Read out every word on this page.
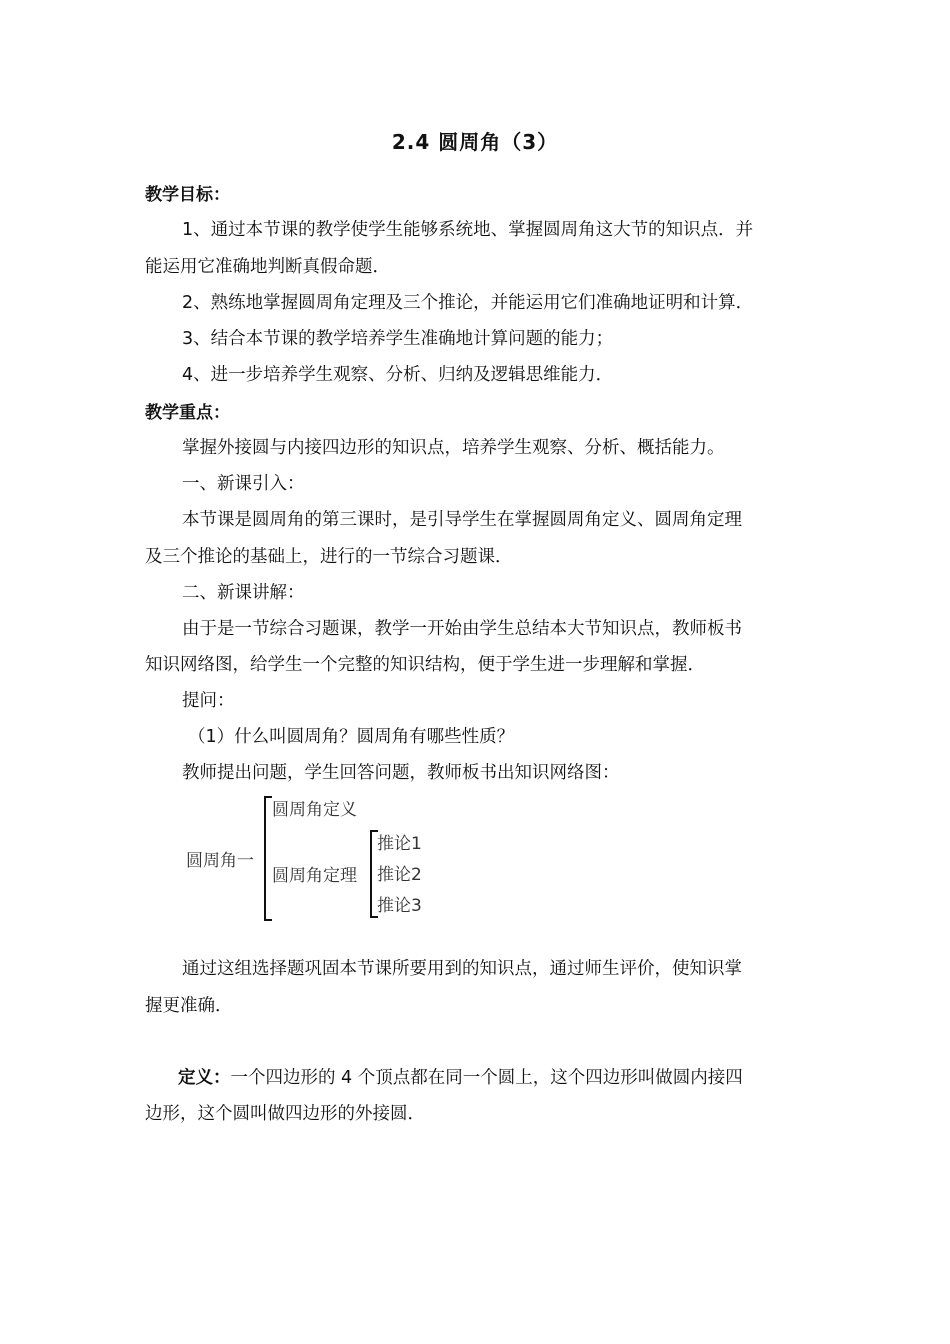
2.4 圆周角（3）
教学目标：
1、通过本节课的教学使学生能够系统地、掌握圆周角这大节的知识点．并
能运用它准确地判断真假命题．
2、熟练地掌握圆周角定理及三个推论，并能运用它们准确地证明和计算．
3、结合本节课的教学培养学生准确地计算问题的能力；
4、进一步培养学生观察、分析、归纳及逻辑思维能力．
教学重点：
掌握外接圆与内接四边形的知识点，培养学生观察、分析、概括能力。
一、新课引入：
本节课是圆周角的第三课时，是引导学生在掌握圆周角定义、圆周角定理
及三个推论的基础上，进行的一节综合习题课．
二、新课讲解：
由于是一节综合习题课，教学一开始由学生总结本大节知识点，教师板书
知识网络图，给学生一个完整的知识结构，便于学生进一步理解和掌握．
提问：
（1）什么叫圆周角？圆周角有哪些性质？
教师提出问题，学生回答问题，教师板书出知识网络图：
圆周角一
圆周角定义
圆周角定理
推论1
推论2
推论3
通过这组选择题巩固本节课所要用到的知识点，通过师生评价，使知识掌
握更准确．
定义：一个四边形的 4 个顶点都在同一个圆上，这个四边形叫做圆内接四
边形，这个圆叫做四边形的外接圆．
